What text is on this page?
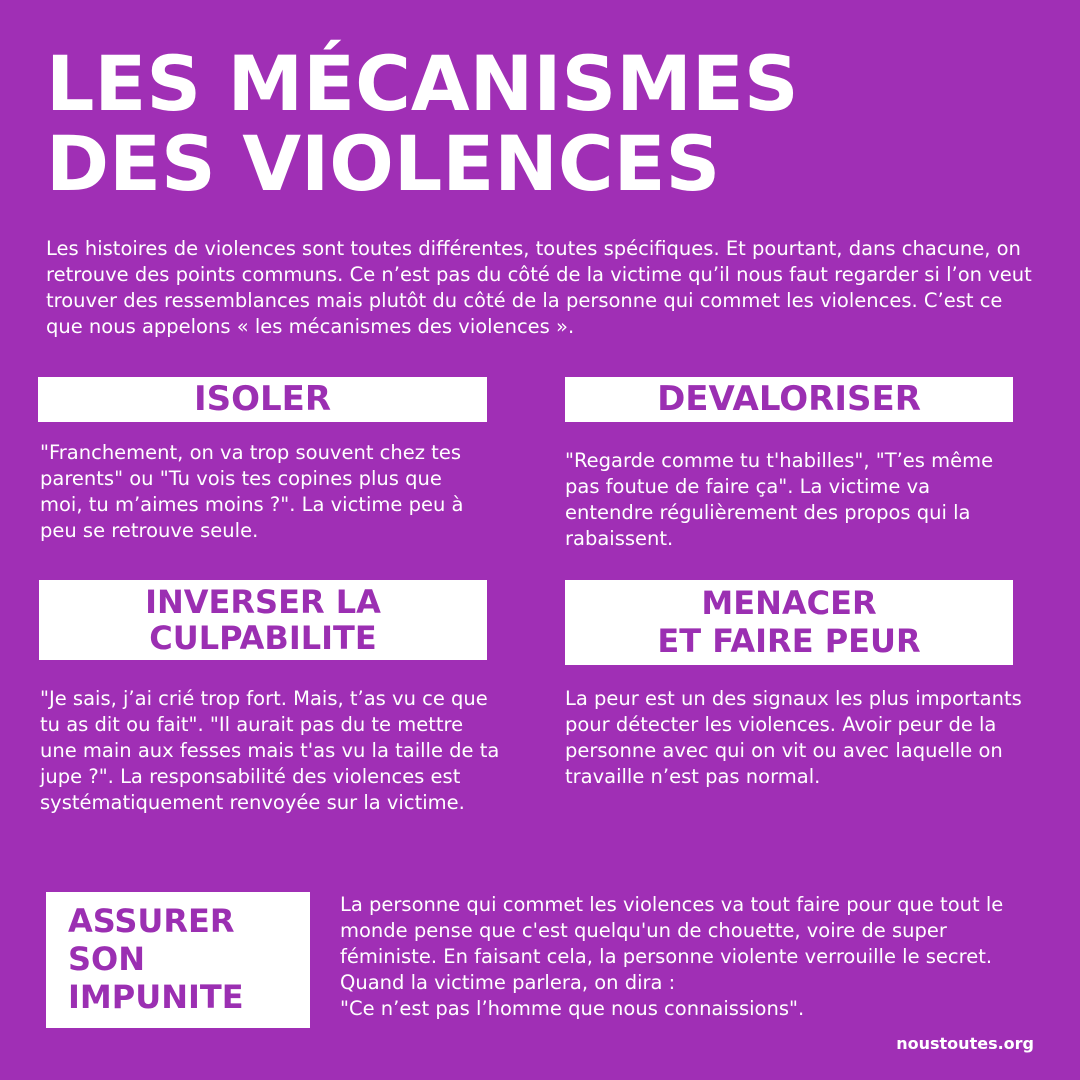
LES MÉCANISMES
DES VIOLENCES

Les histoires de violences sont toutes différentes, toutes spécifiques. Et pourtant, dans chacune, on retrouve des points communs. Ce n’est pas du côté de la victime qu’il nous faut regarder si l’on veut trouver des ressemblances mais plutôt du côté de la personne qui commet les violences. C’est ce que nous appelons « les mécanismes des violences ».

ISOLER

"Franchement, on va trop souvent chez tes parents" ou "Tu vois tes copines plus que moi, tu m’aimes moins ?". La victime peu à peu se retrouve seule.

DEVALORISER

"Regarde comme tu t'habilles", "T’es même pas foutue de faire ça". La victime va entendre régulièrement des propos qui la rabaissent.

INVERSER LA
CULPABILITE

"Je sais, j’ai crié trop fort. Mais, t’as vu ce que tu as dit ou fait". "Il aurait pas du te mettre une main aux fesses mais t'as vu la taille de ta jupe ?". La responsabilité des violences est systématiquement renvoyée sur la victime.

MENACER
ET FAIRE PEUR

La peur est un des signaux les plus importants pour détecter les violences. Avoir peur de la personne avec qui on vit ou avec laquelle on travaille n’est pas normal.

ASSURER
SON
IMPUNITE
La personne qui commet les violences va tout faire pour que tout le monde pense que c'est quelqu'un de chouette, voire de super féministe. En faisant cela, la personne violente verrouille le secret. Quand la victime parlera, on dira :
"Ce n’est pas l’homme que nous connaissions".
noustoutes.org
